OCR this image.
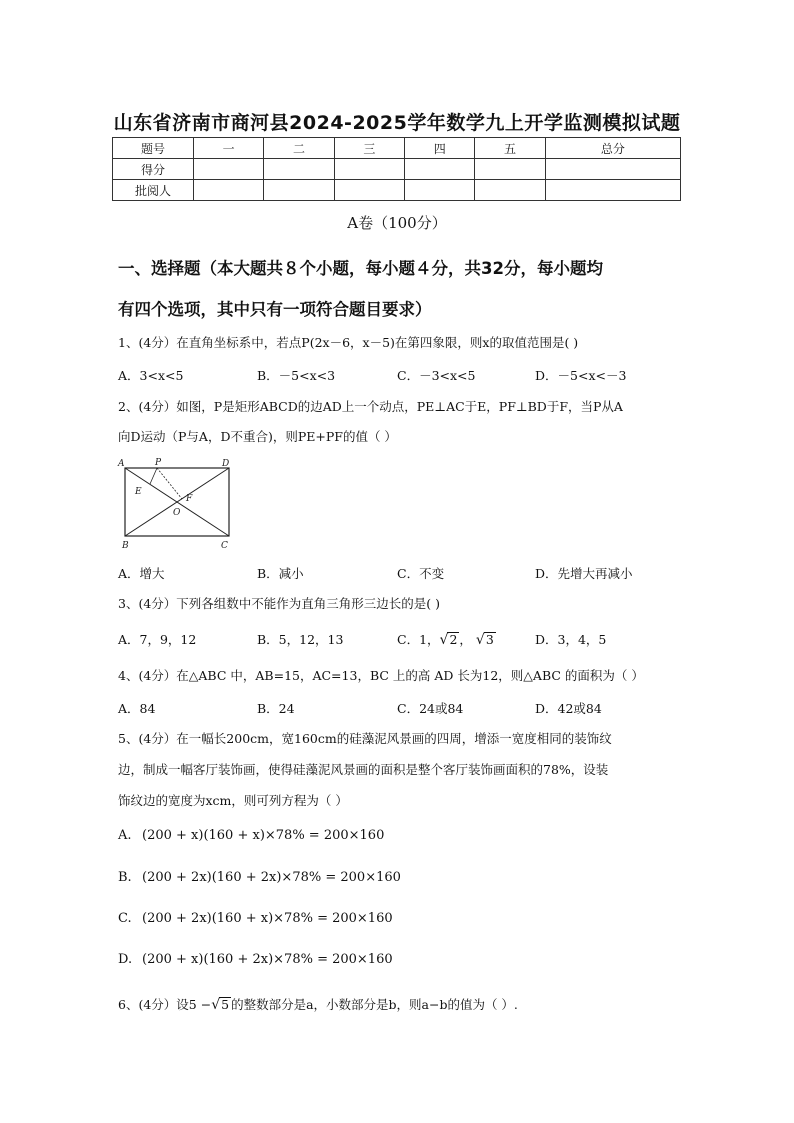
山东省济南市商河县2024-2025学年数学九上开学监测模拟试题
题号	一	二	三	四	五	总分
得分						
批阅人						
A卷（100分）
一、选择题（本大题共８个小题，每小题４分，共32分，每小题均
有四个选项，其中只有一项符合题目要求）
1、(4分）在直角坐标系中，若点P(2x－6，x－5)在第四象限，则x的取值范围是( )
A．3<x<5	B．－5<x<3	C．－3<x<5	D．－5<x<－3
2、(4分）如图，P是矩形ABCD的边AD上一个动点，PE⊥AC于E，PF⊥BD于F，当P从A
向D运动（P与A，D不重合)，则PE+PF的值（ ）
A	P	D
E
F
O
B	C
A．增大	B．减小	C．不变	D．先增大再减小
3、(4分）下列各组数中不能作为直角三角形三边长的是( )
A．7，9，12	B．5，12，13	C．1，√2 ， √3	D．3，4，5
4、(4分）在△ABC 中，AB=15，AC=13，BC 上的高 AD 长为12，则△ABC 的面积为（ ）
A．84	B．24	C．24或84	D．42或84
5、(4分）在一幅长200cm，宽160cm的硅藻泥风景画的四周，增添一宽度相同的装饰纹
边，制成一幅客厅装饰画，使得硅藻泥风景画的面积是整个客厅装饰画面积的78%，设装
饰纹边的宽度为xcm，则可列方程为（ ）
A. (200 + x)(160 + x)×78% = 200×160
B. (200 + 2x)(160 + 2x)×78% = 200×160
C. (200 + 2x)(160 + x)×78% = 200×160
D. (200 + x)(160 + 2x)×78% = 200×160
6、(4分）设5 −√5 的整数部分是a，小数部分是b，则a−b的值为（ ）.
